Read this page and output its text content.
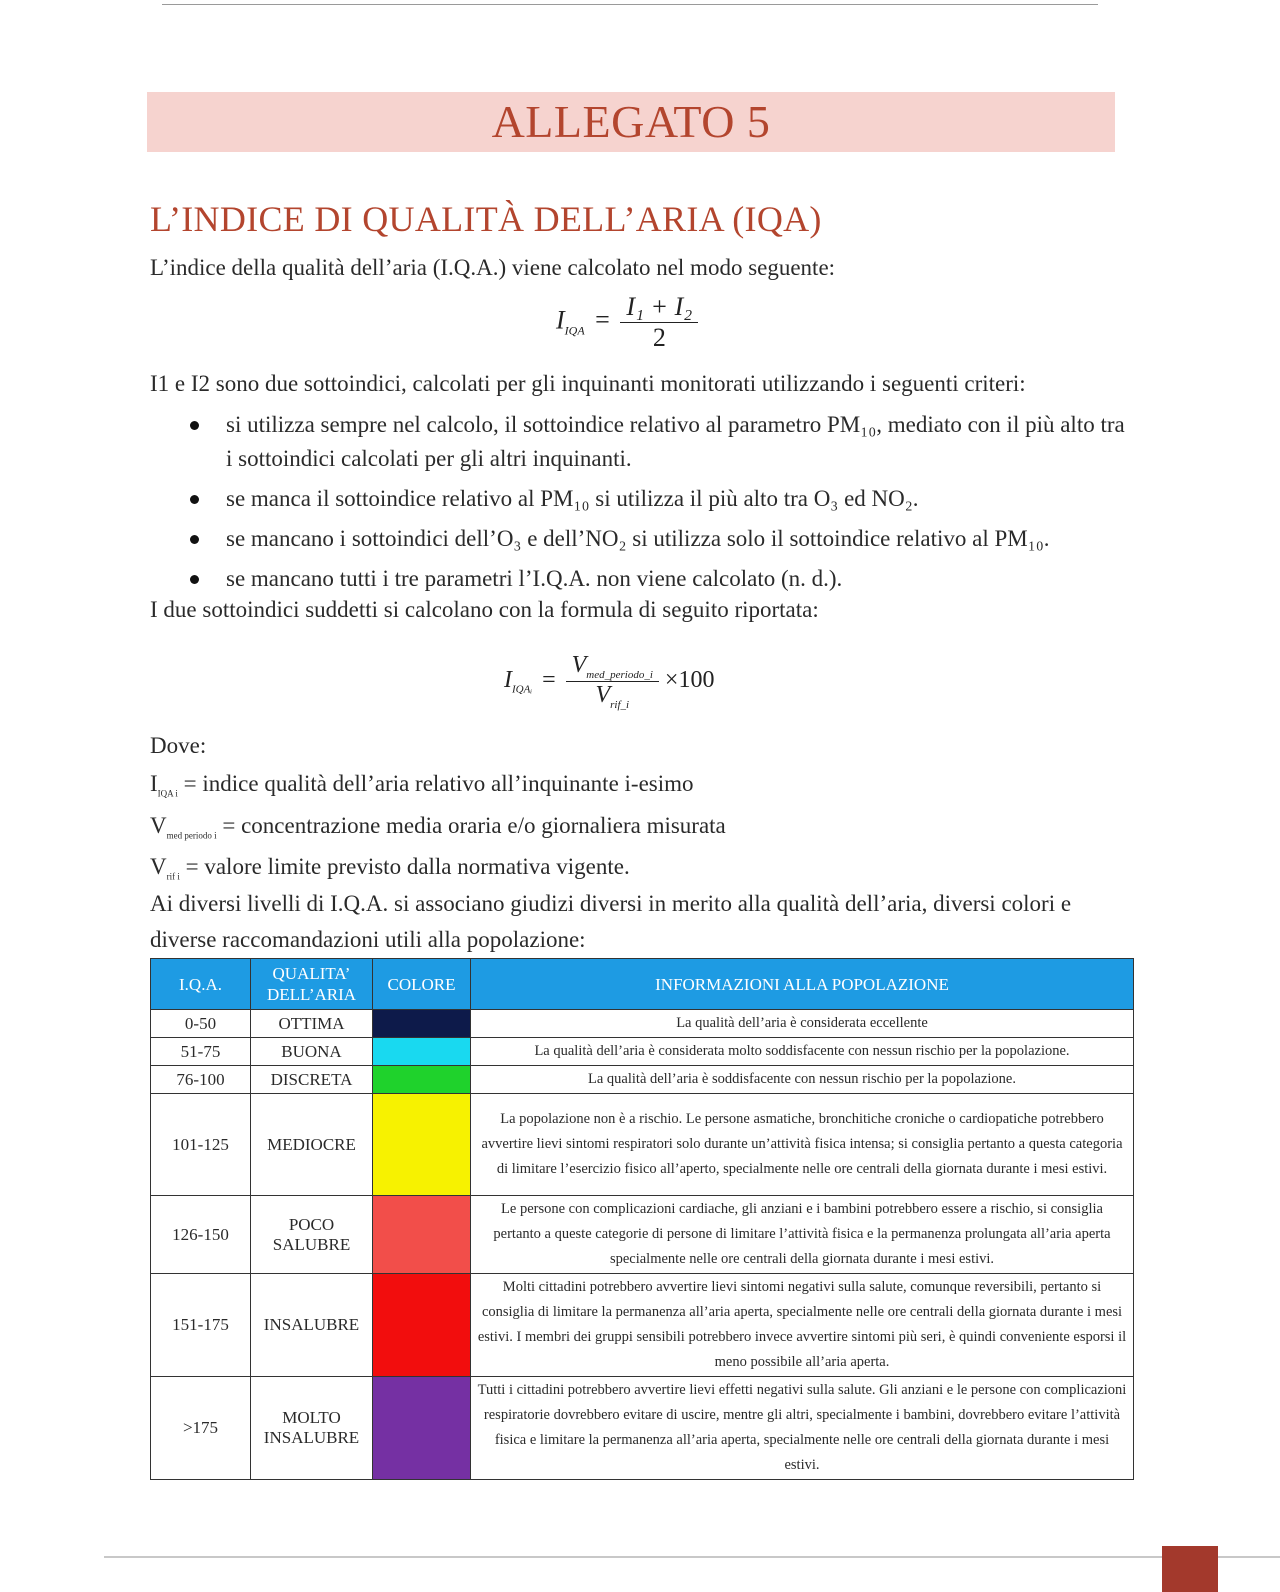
ALLEGATO 5
L’INDICE DI QUALITÀ DELL’ARIA (IQA)
L’indice della qualità dell’aria (I.Q.A.) viene calcolato nel modo seguente:
$I_{IQA} = \frac{\text{I₁ + I₂}}{2}$
I1 e I2 sono due sottoindici, calcolati per gli inquinanti monitorati utilizzando i seguenti criteri:
si utilizza sempre nel calcolo, il sottoindice relativo al parametro PM₁₀, mediato con il più alto tra i sottoindici calcolati per gli altri inquinanti.
se manca il sottoindice relativo al PM₁₀ si utilizza il più alto tra O₃ ed NO₂.
se mancano i sottoindici dell’O₃ e dell’NO₂ si utilizza solo il sottoindice relativo al PM₁₀.
se mancano tutti i tre parametri l’I.Q.A. non viene calcolato (n. d.).
I due sottoindici suddetti si calcolano con la formula di seguito riportata:
$I_{IQAᵢ} = \frac{V_{med\_periodo\_i}}{V_{rif\_i}} \times 100$
Dove:
$I_{IQA i}$ = indice qualità dell’aria relativo all’inquinante i-esimo
$V_{med periodo i}$ = concentrazione media oraria e/o giornaliera misurata
$V_{rif i}$ = valore limite previsto dalla normativa vigente.
Ai diversi livelli di I.Q.A. si associano giudizi diversi in merito alla qualità dell’aria, diversi colori e diverse raccomandazioni utili alla popolazione:
I.Q.A.	QUALITA’ DELL’ARIA	COLORE	INFORMAZIONI ALLA POPOLAZIONE
0-50	OTTIMA		La qualità dell’aria è considerata eccellente
51-75	BUONA		La qualità dell’aria è considerata molto soddisfacente con nessun rischio per la popolazione.
76-100	DISCRETA		La qualità dell’aria è soddisfacente con nessun rischio per la popolazione.
101-125	MEDIOCRE		La popolazione non è a rischio. Le persone asmatiche, bronchitiche croniche o cardiopatiche potrebbero avvertire lievi sintomi respiratori solo durante un’attività fisica intensa; si consiglia pertanto a questa categoria di limitare l’esercizio fisico all’aperto, specialmente nelle ore centrali della giornata durante i mesi estivi.
126-150	POCO SALUBRE		Le persone con complicazioni cardiache, gli anziani e i bambini potrebbero essere a rischio, si consiglia pertanto a queste categorie di persone di limitare l’attività fisica e la permanenza prolungata all’aria aperta specialmente nelle ore centrali della giornata durante i mesi estivi.
151-175	INSALUBRE		Molti cittadini potrebbero avvertire lievi sintomi negativi sulla salute, comunque reversibili, pertanto si consiglia di limitare la permanenza all’aria aperta, specialmente nelle ore centrali della giornata durante i mesi estivi. I membri dei gruppi sensibili potrebbero invece avvertire sintomi più seri, è quindi conveniente esporsi il meno possibile all’aria aperta.
>175	MOLTO INSALUBRE		Tutti i cittadini potrebbero avvertire lievi effetti negativi sulla salute. Gli anziani e le persone con complicazioni respiratorie dovrebbero evitare di uscire, mentre gli altri, specialmente i bambini, dovrebbero evitare l’attività fisica e limitare la permanenza all’aria aperta, specialmente nelle ore centrali della giornata durante i mesi estivi.
